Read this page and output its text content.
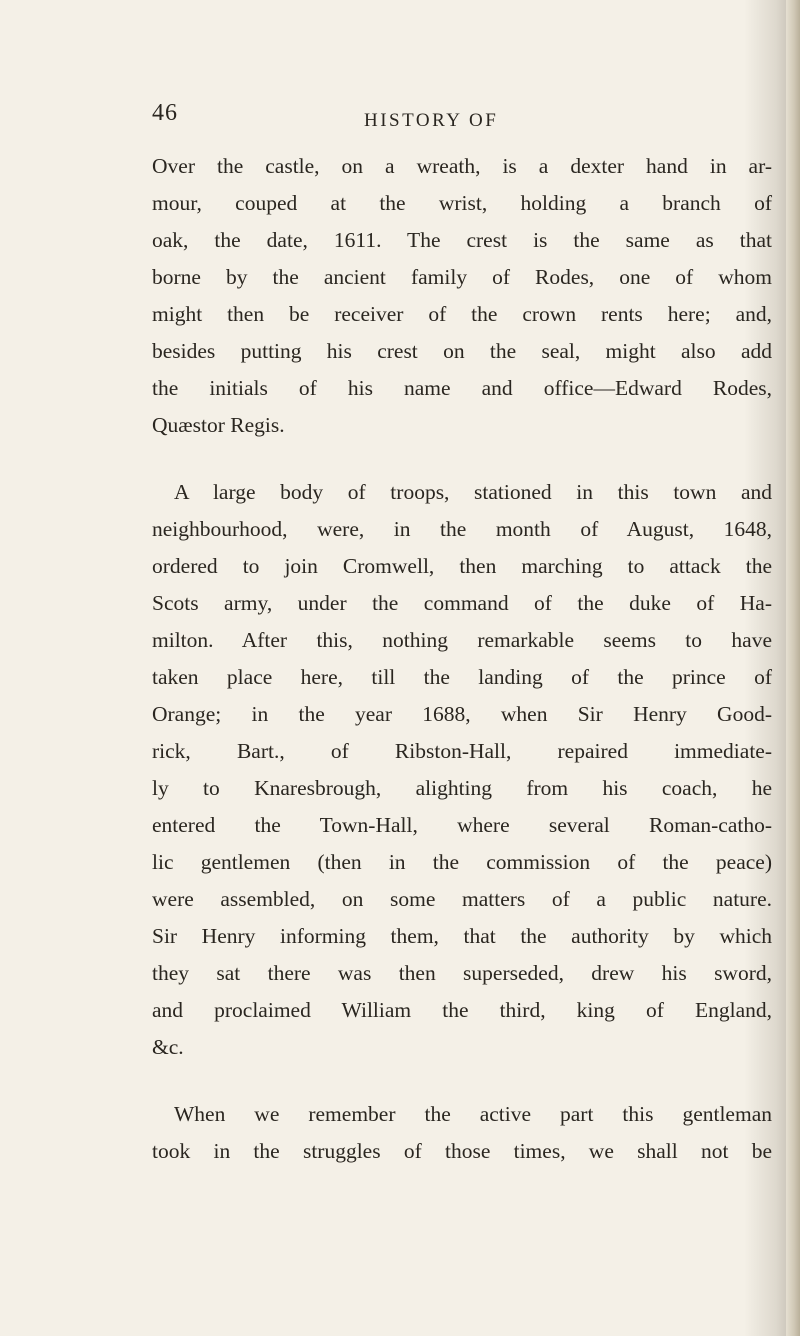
46	HISTORY OF
Over the castle, on a wreath, is a dexter hand in ar-
mour, couped at the wrist, holding a branch of
oak, the date, 1611. The crest is the same as that
borne by the ancient family of Rodes, one of whom
might then be receiver of the crown rents here; and,
besides putting his crest on the seal, might also add
the initials of his name and office—Edward Rodes,
Quæstor Regis.
A large body of troops, stationed in this town and
neighbourhood, were, in the month of August, 1648,
ordered to join Cromwell, then marching to attack the
Scots army, under the command of the duke of Ha-
milton. After this, nothing remarkable seems to have
taken place here, till the landing of the prince of
Orange; in the year 1688, when Sir Henry Good-
rick, Bart., of Ribston-Hall, repaired immediate-
ly to Knaresbrough, alighting from his coach, he
entered the Town-Hall, where several Roman-catho-
lic gentlemen (then in the commission of the peace)
were assembled, on some matters of a public nature.
Sir Henry informing them, that the authority by which
they sat there was then superseded, drew his sword,
and proclaimed William the third, king of England,
&c.
When we remember the active part this gentleman
took in the struggles of those times, we shall not be
